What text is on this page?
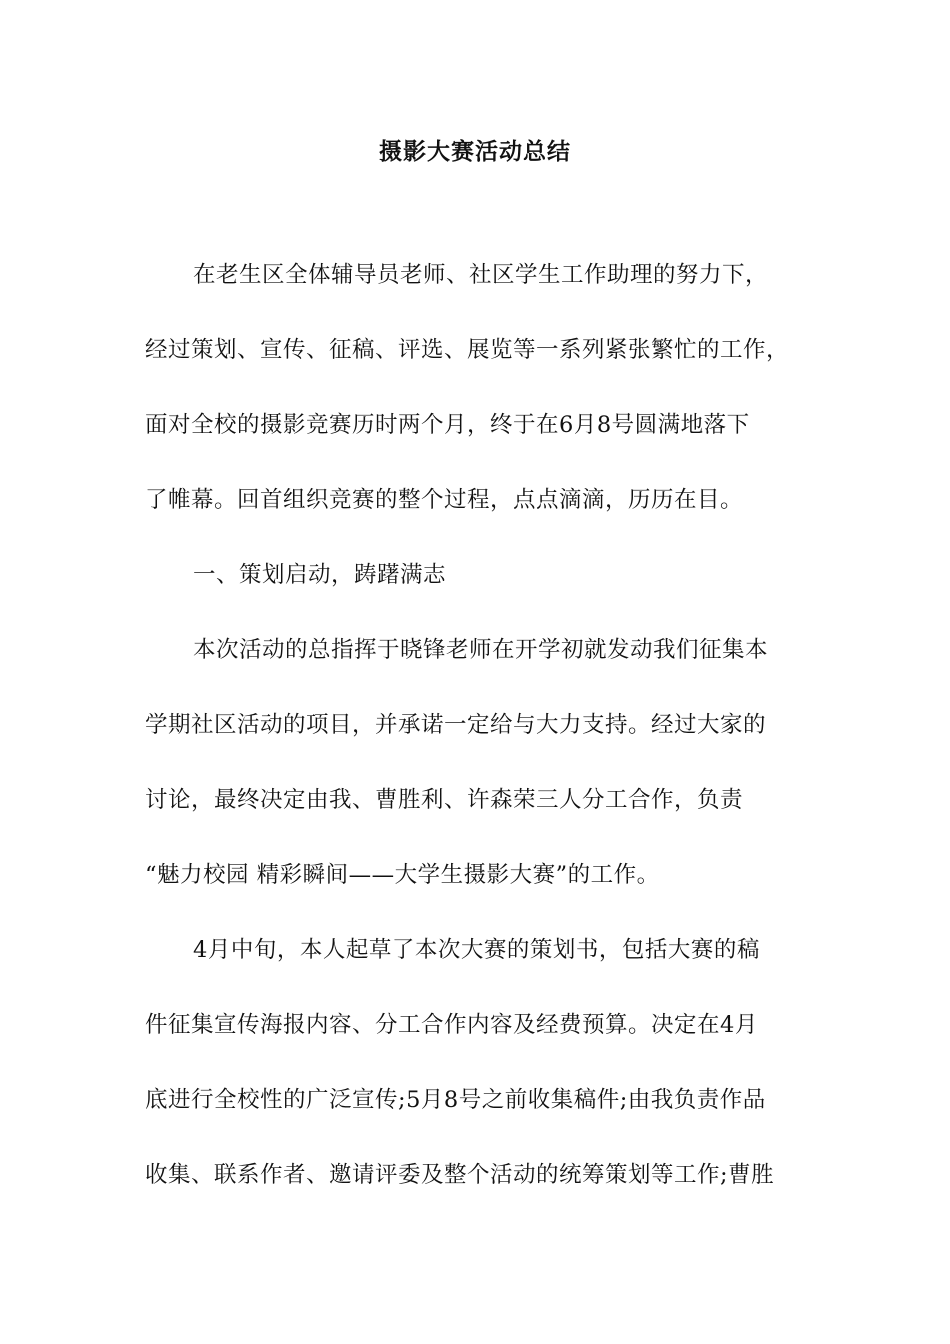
摄影大赛活动总结
在老生区全体辅导员老师、社区学生工作助理的努力下，
经过策划、宣传、征稿、评选、展览等一系列紧张繁忙的工作，
面对全校的摄影竞赛历时两个月，终于在6月8号圆满地落下
了帷幕。回首组织竞赛的整个过程，点点滴滴，历历在目。
一、策划启动，踌躇满志
本次活动的总指挥于晓锋老师在开学初就发动我们征集本
学期社区活动的项目，并承诺一定给与大力支持。经过大家的
讨论，最终决定由我、曹胜利、许森荣三人分工合作，负责
“魅力校园 精彩瞬间——大学生摄影大赛”的工作。
4月中旬，本人起草了本次大赛的策划书，包括大赛的稿
件征集宣传海报内容、分工合作内容及经费预算。决定在4月
底进行全校性的广泛宣传;5月8号之前收集稿件;由我负责作品
收集、联系作者、邀请评委及整个活动的统筹策划等工作;曹胜
